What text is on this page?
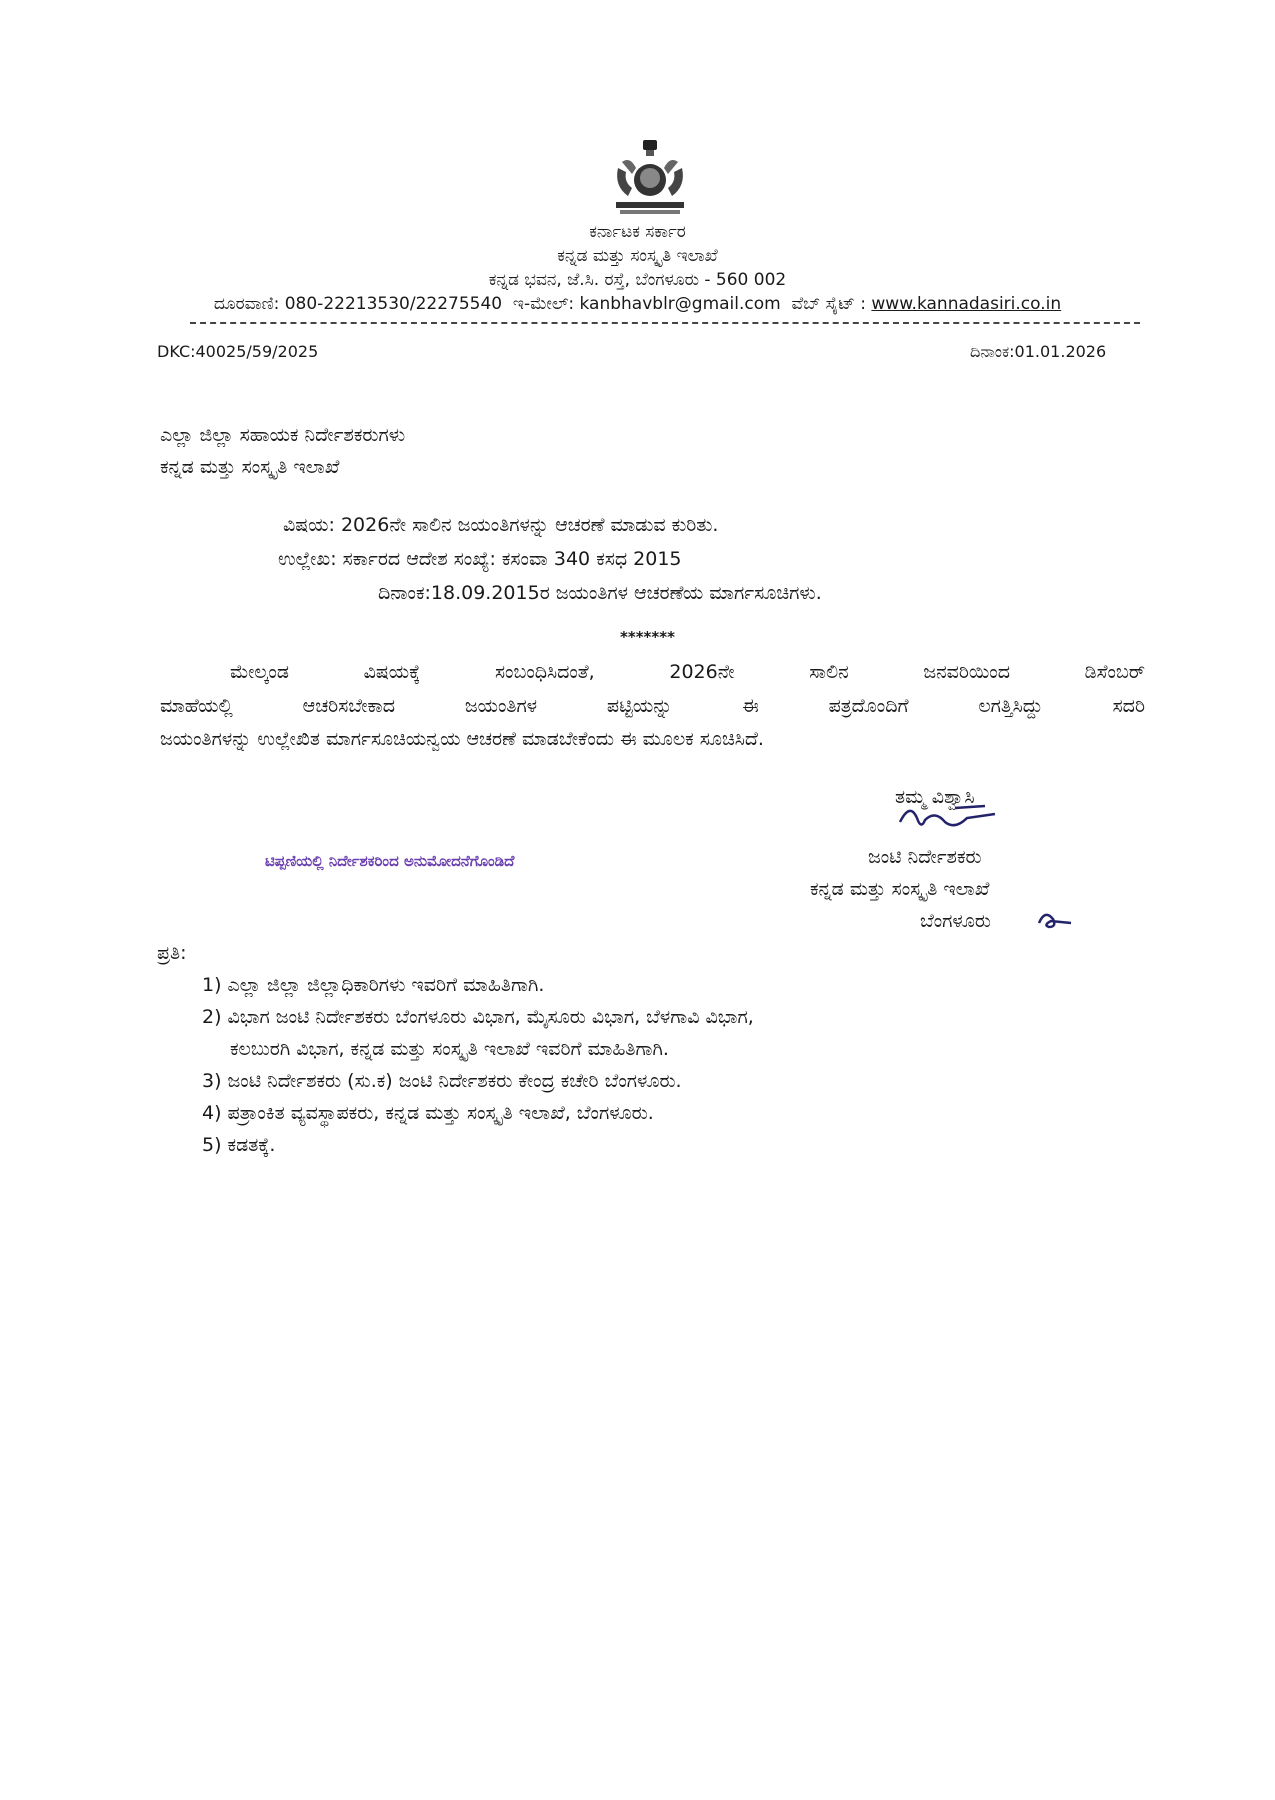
ಕರ್ನಾಟಕ ಸರ್ಕಾರ
ಕನ್ನಡ ಮತ್ತು ಸಂಸ್ಕೃತಿ ಇಲಾಖೆ
ಕನ್ನಡ ಭವನ, ಜೆ.ಸಿ. ರಸ್ತೆ, ಬೆಂಗಳೂರು - 560 002
ದೂರವಾಣಿ: 080-22213530/22275540 ಇ-ಮೇಲ್: kanbhavblr@gmail.com ವೆಬ್ ಸೈಟ್ : www.kannadasiri.co.in
DKC:40025/59/2025	ದಿನಾಂಕ:01.01.2026
ಎಲ್ಲಾ ಜಿಲ್ಲಾ ಸಹಾಯಕ ನಿರ್ದೇಶಕರುಗಳು
ಕನ್ನಡ ಮತ್ತು ಸಂಸ್ಕೃತಿ ಇಲಾಖೆ
ವಿಷಯ: 2026ನೇ ಸಾಲಿನ ಜಯಂತಿಗಳನ್ನು ಆಚರಣೆ ಮಾಡುವ ಕುರಿತು.
ಉಲ್ಲೇಖ: ಸರ್ಕಾರದ ಆದೇಶ ಸಂಖ್ಯೆ: ಕಸಂವಾ 340 ಕಸಧ 2015
ದಿನಾಂಕ:18.09.2015ರ ಜಯಂತಿಗಳ ಆಚರಣೆಯ ಮಾರ್ಗಸೂಚಿಗಳು.
*******
ಮೇಲ್ಕಂಡ ವಿಷಯಕ್ಕೆ ಸಂಬಂಧಿಸಿದಂತೆ, 2026ನೇ ಸಾಲಿನ ಜನವರಿಯಿಂದ ಡಿಸೆಂಬರ್
ಮಾಹೆಯಲ್ಲಿ ಆಚರಿಸಬೇಕಾದ ಜಯಂತಿಗಳ ಪಟ್ಟಿಯನ್ನು ಈ ಪತ್ರದೊಂದಿಗೆ ಲಗತ್ತಿಸಿದ್ದು ಸದರಿ
ಜಯಂತಿಗಳನ್ನು ಉಲ್ಲೇಖಿತ ಮಾರ್ಗಸೂಚಿಯನ್ವಯ ಆಚರಣೆ ಮಾಡಬೇಕೆಂದು ಈ ಮೂಲಕ ಸೂಚಿಸಿದೆ.
ತಮ್ಮ ವಿಶ್ವಾಸಿ
ಜಂಟಿ ನಿರ್ದೇಶಕರು
ಕನ್ನಡ ಮತ್ತು ಸಂಸ್ಕೃತಿ ಇಲಾಖೆ
ಬೆಂಗಳೂರು
ಟಿಪ್ಪಣಿಯಲ್ಲಿ ನಿರ್ದೇಶಕರಿಂದ ಅನುಮೋದನೆಗೊಂಡಿದೆ
ಪ್ರತಿ:
1) ಎಲ್ಲಾ ಜಿಲ್ಲಾ ಜಿಲ್ಲಾಧಿಕಾರಿಗಳು ಇವರಿಗೆ ಮಾಹಿತಿಗಾಗಿ.
2) ವಿಭಾಗ ಜಂಟಿ ನಿರ್ದೇಶಕರು ಬೆಂಗಳೂರು ವಿಭಾಗ, ಮೈಸೂರು ವಿಭಾಗ, ಬೆಳಗಾವಿ ವಿಭಾಗ,
ಕಲಬುರಗಿ ವಿಭಾಗ, ಕನ್ನಡ ಮತ್ತು ಸಂಸ್ಕೃತಿ ಇಲಾಖೆ ಇವರಿಗೆ ಮಾಹಿತಿಗಾಗಿ.
3) ಜಂಟಿ ನಿರ್ದೇಶಕರು (ಸು.ಕ) ಜಂಟಿ ನಿರ್ದೇಶಕರು ಕೇಂದ್ರ ಕಚೇರಿ ಬೆಂಗಳೂರು.
4) ಪತ್ರಾಂಕಿತ ವ್ಯವಸ್ಥಾಪಕರು, ಕನ್ನಡ ಮತ್ತು ಸಂಸ್ಕೃತಿ ಇಲಾಖೆ, ಬೆಂಗಳೂರು.
5) ಕಡತಕ್ಕೆ.
